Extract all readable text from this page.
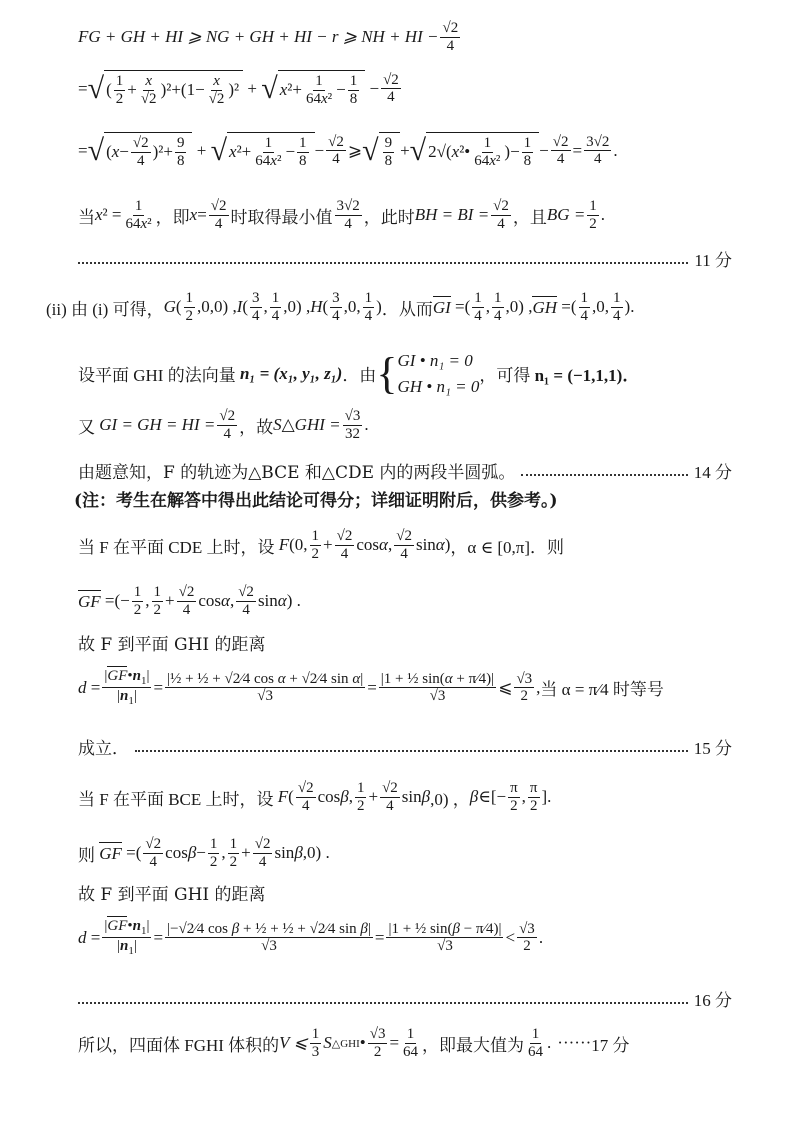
FG + GH + HI ⩾ NG + GH + HI − r ⩾ NH + HI − $\frac{√2}{4}$
= √ ( $\frac{1}{2} + \frac{x}{√2} )^2+(1- \frac{x}{√2} )^2$ + √ x $^2+ \frac{1}{\text{64x²}} - \frac{1}{8} - \frac{√2}{4}$
= √ ( $x - \frac{√2}{4} )^2+ \frac{9}{8}$ + √ x $^2+ \frac{1}{\text{64x²}} - \frac{1}{8} - \frac{√2}{4}$ ⩾ √ $\frac{9}{8}$ + √ 2√( x ²• $\frac{1}{\text{64x²}}$ )− $\frac{1}{8} - \frac{√2}{4} = \frac{3√2}{4}$ .
当 x $^2 = \frac{1}{\text{64x²}}$ ，即 $x = \frac{√2}{4}$ 时取得最小值 $\frac{3√2}{4}$ ，此时 BH = BI = $\frac{√2}{4}$ ，且 BG = $\frac{1}{2}$ .
11 分
(ii) 由 (i) 可得， G ( $\frac{1}{2} ,0,0$) , I ( $\frac{3}{4}$ , $\frac{1}{4} ,0$) , H ( $\frac{3}{4} ,0$, $\frac{1}{4}$ ) ．从而 GI =( $\frac{1}{4}$ , $\frac{1}{4} ,0$) , GH =( $\frac{1}{4} ,0$, $\frac{1}{4}$ ).
设平面 GHI 的法向量
n₁ = (x₁, y₁, z₁) ．由 { GI • n₁ = 0
GH • n₁ = 0
，可得
n₁ = (−1,1,1)．
又
GI = GH = HI = $\frac{√2}{4}$ ，故 S△GHI = $\frac{√3}{32}$ .
由题意知，F 的轨迹为△BCE 和△CDE 内的两段半圆弧。	14 分
(注：考生在解答中得出此结论可得分；详细证明附后，供参考。)
当 F 在平面 CDE 上时，设
F (0, $\frac{1}{2} + \frac{√2}{4}$ cos α , $\frac{√2}{4}$ sin α ) ，α ∈ [0,π]．则
GF =(− $\frac{1}{2}$ , $\frac{1}{2} + \frac{√2}{4}$ cos α , $\frac{√2}{4}$ sin α ) .
故 F 到平面 GHI 的距离
$d = \frac{|GF•n_1|}{|n_1|} = \frac{\text{|½ + ½ + √2⁄4 cos α + √2⁄4 sin α|}}{√3} = \frac{\text{|1 + ½ sin(α + π⁄4)|}}{√3}$ ⩽ $\frac{√3}{2}$ , 当 α = π⁄4 时等号
成立．	15 分
当 F 在平面 BCE 上时，设
F ( $\frac{√2}{4}$ cos β , $\frac{1}{2} + \frac{√2}{4}$ sin β ,0) ， β ∈[− $\frac{\pi}{2}$ , $\frac{\pi}{2}$ ].
则 GF =( $\frac{√2}{4}$ $\cos \beta - \frac{1}{2}$ , $\frac{1}{2} + \frac{√2}{4}$ sin β ,0) .
故 F 到平面 GHI 的距离
$d = \frac{|GF•n_1|}{|n_1|} = \frac{\text{|−√2⁄4 cos β + ½ + ½ + √2⁄4 sin β|}}{√3} = \frac{\text{|1 + ½ sin(β − π⁄4)|}}{√3} < \frac{√3}{2}$ .
16 分
所以，四面体 FGHI 体积的 V ⩽ $\frac{1}{3}$ S △GHI • $\frac{√3}{2} = \frac{1}{64}$ ，即最大值为 $\frac{1}{64}$ . ······ 17 分
